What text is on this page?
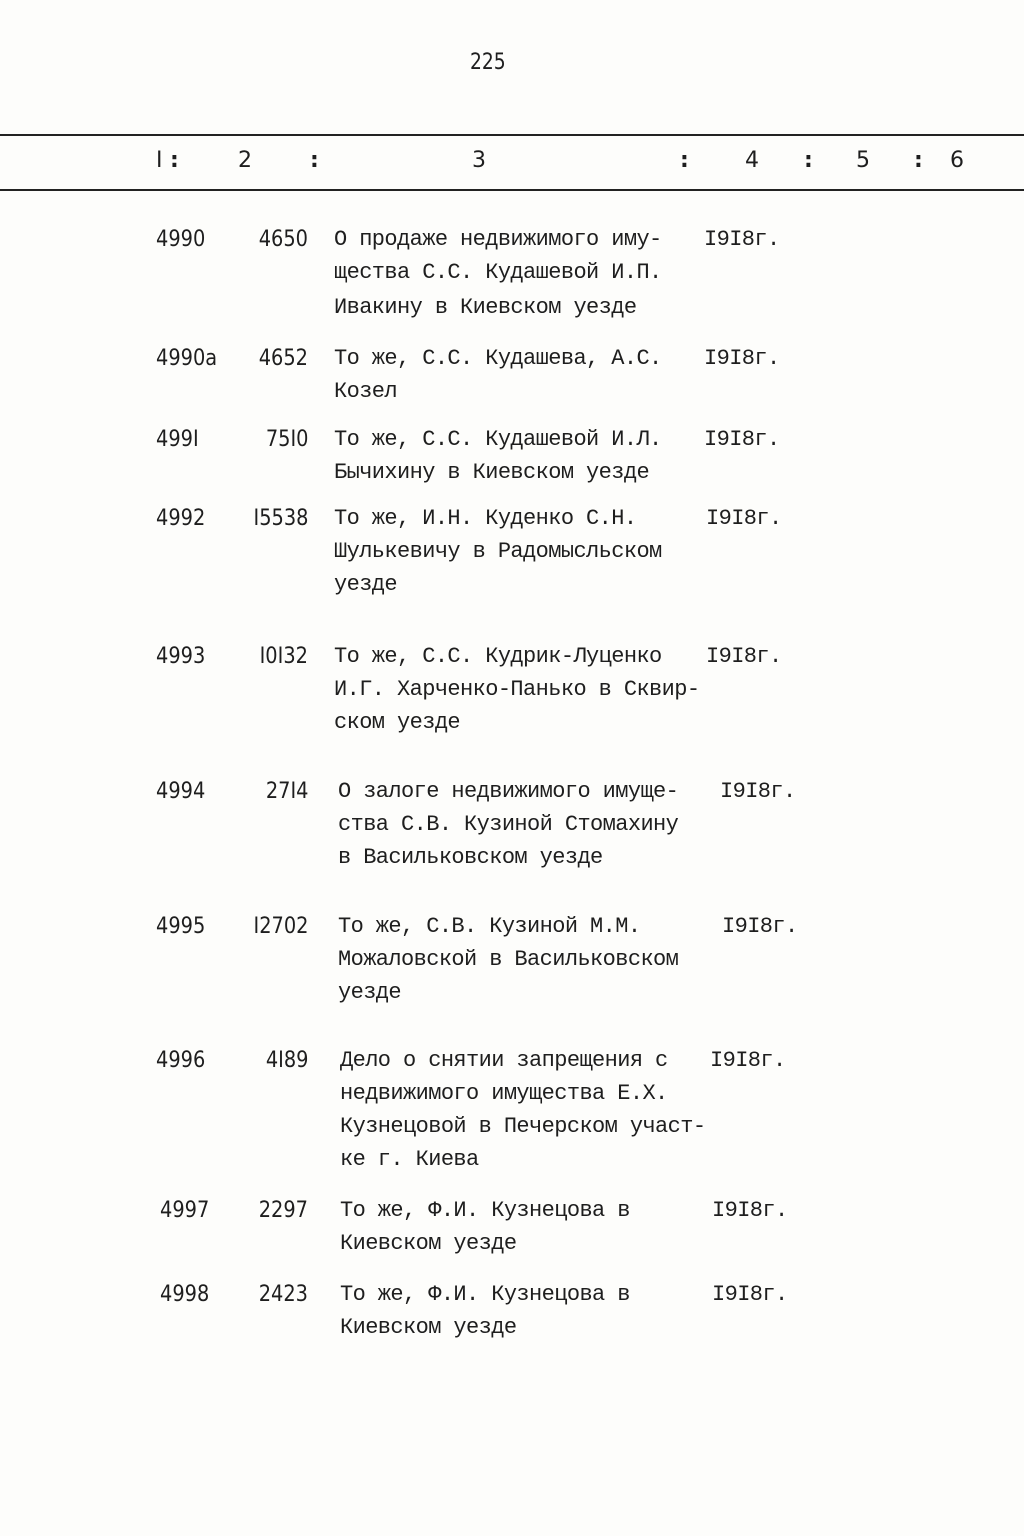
225
I :	2	:	3	:	4 : 5 : 6
4990 4650 О продаже недвижимого иму-
щества С.С. Кудашевой И.П.
Ивакину в Киевском уезде
I9I8г.
4990а 4652 То же, С.С. Кудашева, А.С.
Козел
I9I8г.
499I	75I0 То же, С.С. Кудашевой И.Л.
Бычихину в Киевском уезде
I9I8г.
4992 I5538 То же, И.Н. Куденко С.Н.
Шулькевичу в Радомысльском
уезде
I9I8г.
4993 I0I32 То же, С.С. Кудрик-Луценко
И.Г. Харченко-Панько в Сквир-
ском уезде
I9I8г.
4994	27I4 О залоге недвижимого имуще-
ства С.В. Кузиной Стомахину
в Васильковском уезде
I9I8г.
4995 I2702 То же, С.В. Кузиной М.М.
Можаловской в Васильковском
уезде
I9I8г.
4996	4I89 Дело о снятии запрещения с
недвижимого имущества Е.Х.
Кузнецовой в Печерском участ-
ке г. Киева
I9I8г.
4997 2297 То же, Ф.И. Кузнецова в
Киевском уезде
I9I8г.
4998 2423 То же, Ф.И. Кузнецова в
Киевском уезде
I9I8г.
